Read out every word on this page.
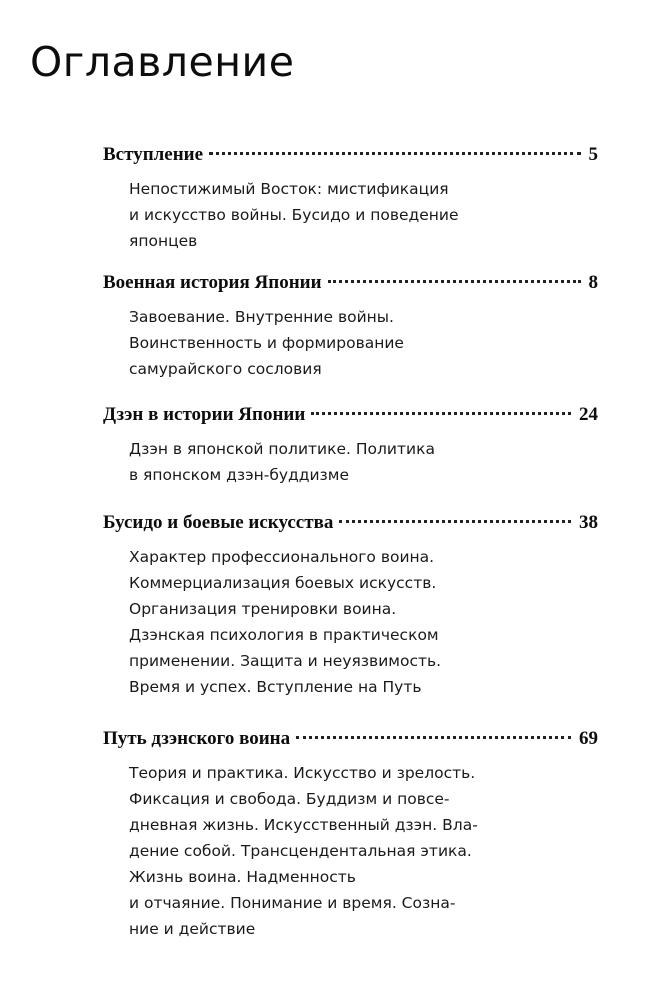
Оглавление
Вступление	5
Непостижимый Восток: мистификация
и искусство войны. Бусидо и поведение
японцев
Военная история Японии	8
Завоевание. Внутренние войны.
Воинственность и формирование
самурайского сословия
Дзэн в истории Японии	24
Дзэн в японской политике. Политика
в японском дзэн-буддизме
Бусидо и боевые искусства	38
Характер профессионального воина.
Коммерциализация боевых искусств.
Организация тренировки воина.
Дзэнская психология в практическом
применении. Защита и неуязвимость.
Время и успех. Вступление на Путь
Путь дзэнского воина	69
Теория и практика. Искусство и зрелость.
Фиксация и свобода. Буддизм и повсе-
дневная жизнь. Искусственный дзэн. Вла-
дение собой. Трансцендентальная этика.
Жизнь воина. Надменность
и отчаяние. Понимание и время. Созна-
ние и действие
